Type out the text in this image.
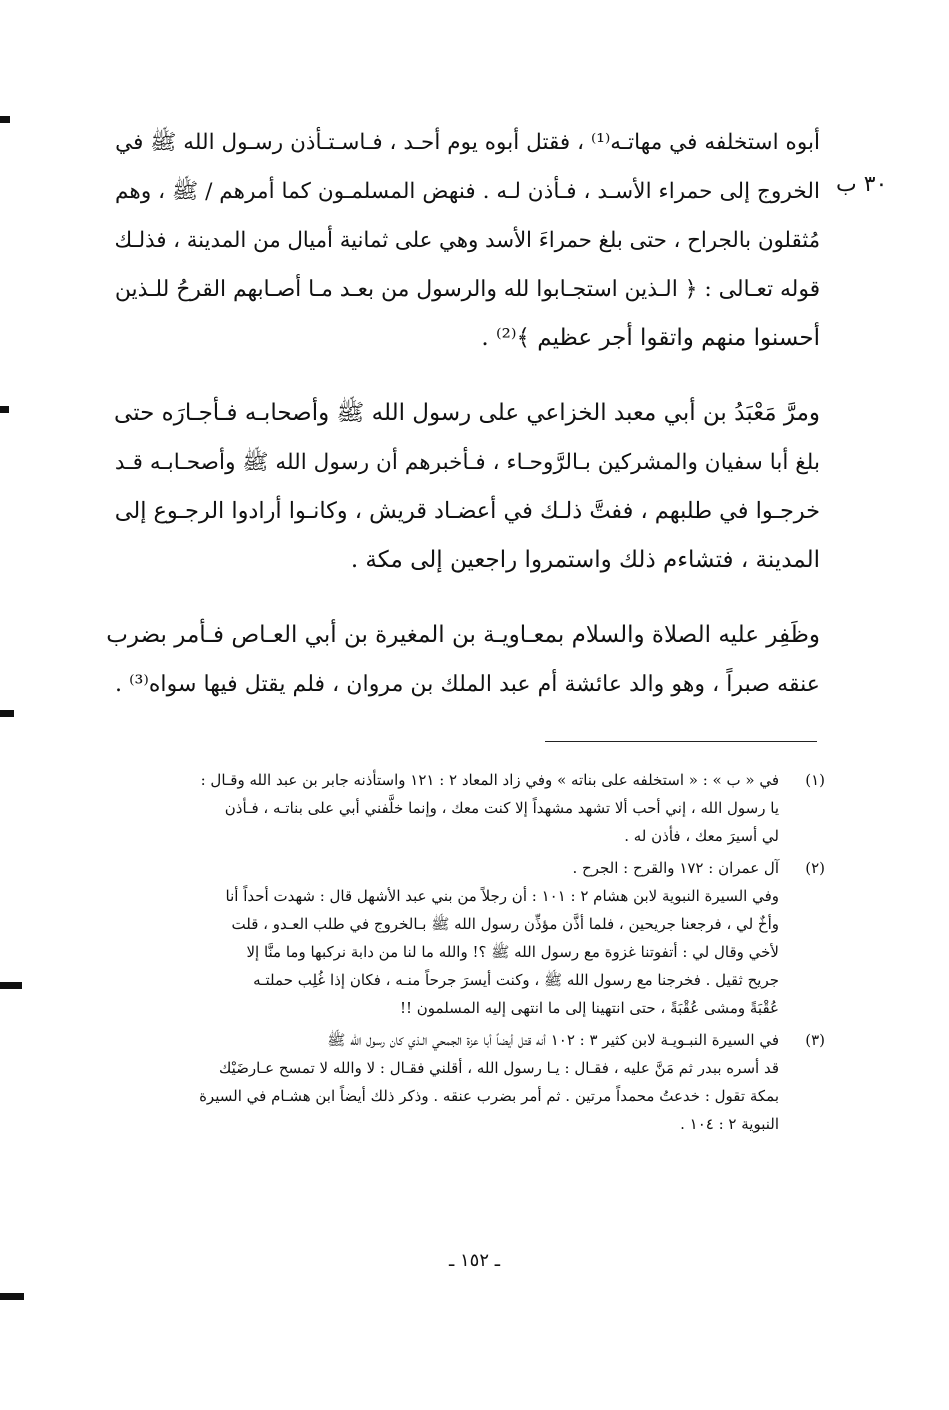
٣٠ ب

أبوه استخلفه في مهاتـه⁽¹⁾ ، فقتل أبوه يوم أحـد ، فـاسـتـأذن رسـول الله ﷺ في

الخروج إلى حمراء الأسـد ، فـأذن لـه . فنهض المسلمـون كما أمرهم / ﷺ ، وهم

مُثقلون بالجراح ، حتى بلغ حمراءَ الأسد وهي على ثمانية أميال من المدينة ، فذلـك

قوله تعـالى : ﴿ الـذين استجـابوا لله والرسول من بعـد مـا أصـابهم القرحُ للـذين

أحسنوا منهم واتقوا أجر عظيم ﴾⁽²⁾ .

ومرَّ مَعْبَدُ بن أبي معبد الخزاعي على رسول الله ﷺ وأصحابـه فـأجـارَه حتى

بلغ أبا سفيان والمشركين بـالرَّوحـاء ، فـأخبرهم أن رسول الله ﷺ وأصحـابـه قـد

خرجـوا في طلبهم ، ففتَّ ذلـك في أعضـاد قريش ، وكانـوا أرادوا الرجـوع إلى

المدينة ، فتشاءم ذلك واستمروا راجعين إلى مكة .

وظَفِر عليه الصلاة والسلام بمعـاويـة بن المغيرة بن أبي العـاص فـأمر بضرب

عنقه صبراً ، وهو والد عائشة أم عبد الملك بن مروان ، فلم يقتل فيها سواه⁽³⁾ .

(١)
في « ب » : « استخلفه على بناته » وفي زاد المعاد ٢ : ١٢١ واستأذنه جابر بن عبد الله وقـال :
يا رسول الله ، إني أحب ألا تشهد مشهداً إلا كنت معك ، وإنما خلَّفني أبي على بناتـه ، فـأذن
لي أسيرَ معك ، فأذن له .
(٢)
آل عمران : ١٧٢ والقرح : الجرح .
وفي السيرة النبوية لابن هشام ٢ : ١٠١ : أن رجلاً من بني عبد الأشهل قال : شهدت أحداً أنا
وأخٌ لي ، فرجعنا جريحين ، فلما أذَّن مؤذِّن رسول الله ﷺ بـالخروج في طلب العـدو ، قلت
لأخي وقال لي : أتفوتنا غزوة مع رسول الله ﷺ ؟! والله ما لنا من دابة نركبها وما منَّا إلا
جريح ثقيل . فخرجنا مع رسول الله ﷺ ، وكنت أيسرَ جرحاً منـه ، فكان إذا غُلِب حملتـه
عُقْبَةً ومشى عُقْبَةً ، حتى انتهينا إلى ما انتهى إليه المسلمون !!
(٣)
في السيرة النبـويـة لابن كثير ٣ : ١٠٢ أنه قتل أيضاً أبا عزة الجمحي الـذي كان رسول الله ﷺ
قد أسره ببدر ثم مَنَّ عليه ، فقـال : يـا رسول الله ، أقلني فقـال : لا والله لا تمسح عـارضَيْك
بمكة تقول : خدعتُ محمداً مرتين . ثم أمر بضرب عنقه . وذكر ذلك أيضاً ابن هشـام في السيرة
النبوية ٢ : ١٠٤ .
ـ ١٥٢ ـ
